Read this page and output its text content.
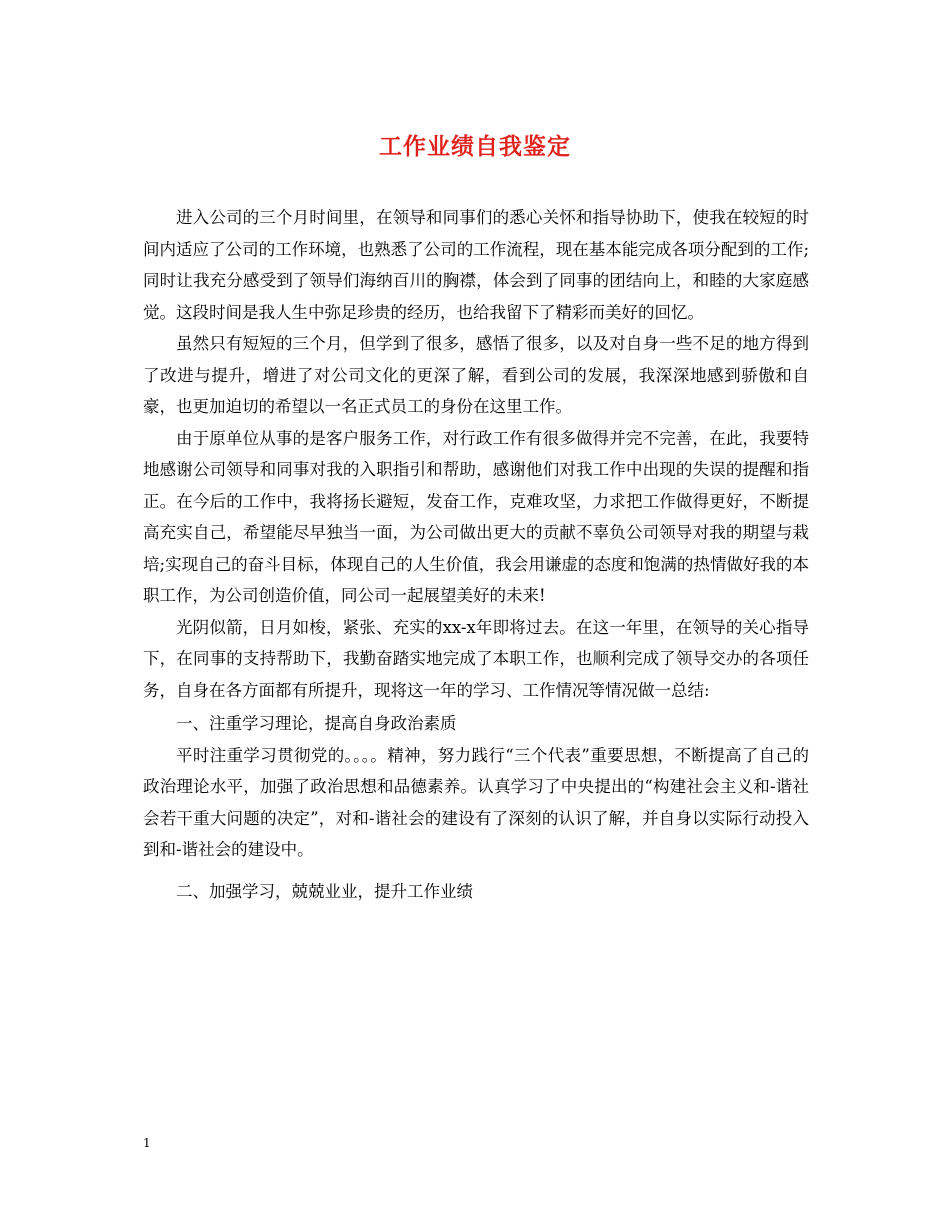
工作业绩自我鉴定

进入公司的三个月时间里，在领导和同事们的悉心关怀和指导协助下，使我在较短的时间内适应了公司的工作环境，也熟悉了公司的工作流程，现在基本能完成各项分配到的工作;同时让我充分感受到了领导们海纳百川的胸襟，体会到了同事的团结向上，和睦的大家庭感觉。这段时间是我人生中弥足珍贵的经历，也给我留下了精彩而美好的回忆。

虽然只有短短的三个月，但学到了很多，感悟了很多，以及对自身一些不足的地方得到了改进与提升，增进了对公司文化的更深了解，看到公司的发展，我深深地感到骄傲和自豪，也更加迫切的希望以一名正式员工的身份在这里工作。

由于原单位从事的是客户服务工作，对行政工作有很多做得并完不完善，在此，我要特地感谢公司领导和同事对我的入职指引和帮助，感谢他们对我工作中出现的失误的提醒和指正。在今后的工作中，我将扬长避短，发奋工作，克难攻坚，力求把工作做得更好，不断提高充实自己，希望能尽早独当一面，为公司做出更大的贡献不辜负公司领导对我的期望与栽培;实现自己的奋斗目标，体现自己的人生价值，我会用谦虚的态度和饱满的热情做好我的本职工作，为公司创造价值，同公司一起展望美好的未来!

光阴似箭，日月如梭，紧张、充实的xx-x年即将过去。在这一年里，在领导的关心指导下，在同事的支持帮助下，我勤奋踏实地完成了本职工作，也顺利完成了领导交办的各项任务，自身在各方面都有所提升，现将这一年的学习、工作情况等情况做一总结:

一、注重学习理论，提高自身政治素质

平时注重学习贯彻党的。。。。精神，努力践行“三个代表”重要思想，不断提高了自己的政治理论水平，加强了政治思想和品德素养。认真学习了中央提出的“构建社会主义和-谐社会若干重大问题的决定”，对和-谐社会的建设有了深刻的认识了解，并自身以实际行动投入到和-谐社会的建设中。

二、加强学习，兢兢业业，提升工作业绩

1
